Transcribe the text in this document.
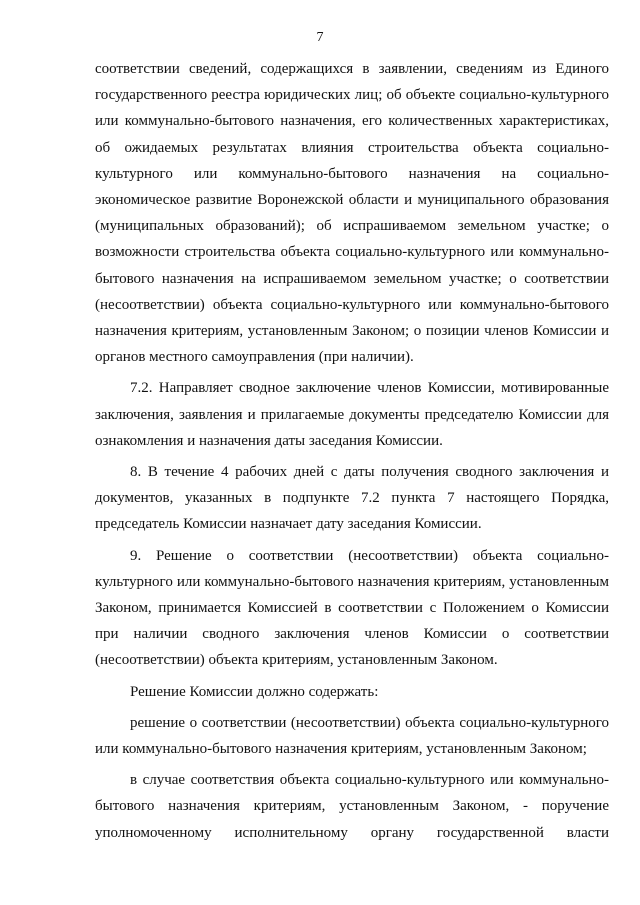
7

соответствии сведений, содержащихся в заявлении, сведениям из Единого государственного реестра юридических лиц; об объекте социально-культурного или коммунально-бытового назначения, его количественных характеристиках, об ожидаемых результатах влияния строительства объекта социально-культурного или коммунально-бытового назначения на социально-экономическое развитие Воронежской области и муниципального образования (муниципальных образований); об испрашиваемом земельном участке; о возможности строительства объекта социально-культурного или коммунально-бытового назначения на испрашиваемом земельном участке; о соответствии (несоответствии) объекта социально-культурного или коммунально-бытового назначения критериям, установленным Законом; о позиции членов Комиссии и органов местного самоуправления (при наличии).

7.2. Направляет сводное заключение членов Комиссии, мотивированные заключения, заявления и прилагаемые документы председателю Комиссии для ознакомления и назначения даты заседания Комиссии.

8. В течение 4 рабочих дней с даты получения сводного заключения и документов, указанных в подпункте 7.2 пункта 7 настоящего Порядка, председатель Комиссии назначает дату заседания Комиссии.

9. Решение о соответствии (несоответствии) объекта социально-культурного или коммунально-бытового назначения критериям, установленным Законом, принимается Комиссией в соответствии с Положением о Комиссии при наличии сводного заключения членов Комиссии о соответствии (несоответствии) объекта критериям, установленным Законом.

Решение Комиссии должно содержать:

решение о соответствии (несоответствии) объекта социально-культурного или коммунально-бытового назначения критериям, установленным Законом;

в случае соответствия объекта социально-культурного или коммунально-бытового назначения критериям, установленным Законом, - поручение уполномоченному исполнительному органу государственной власти
